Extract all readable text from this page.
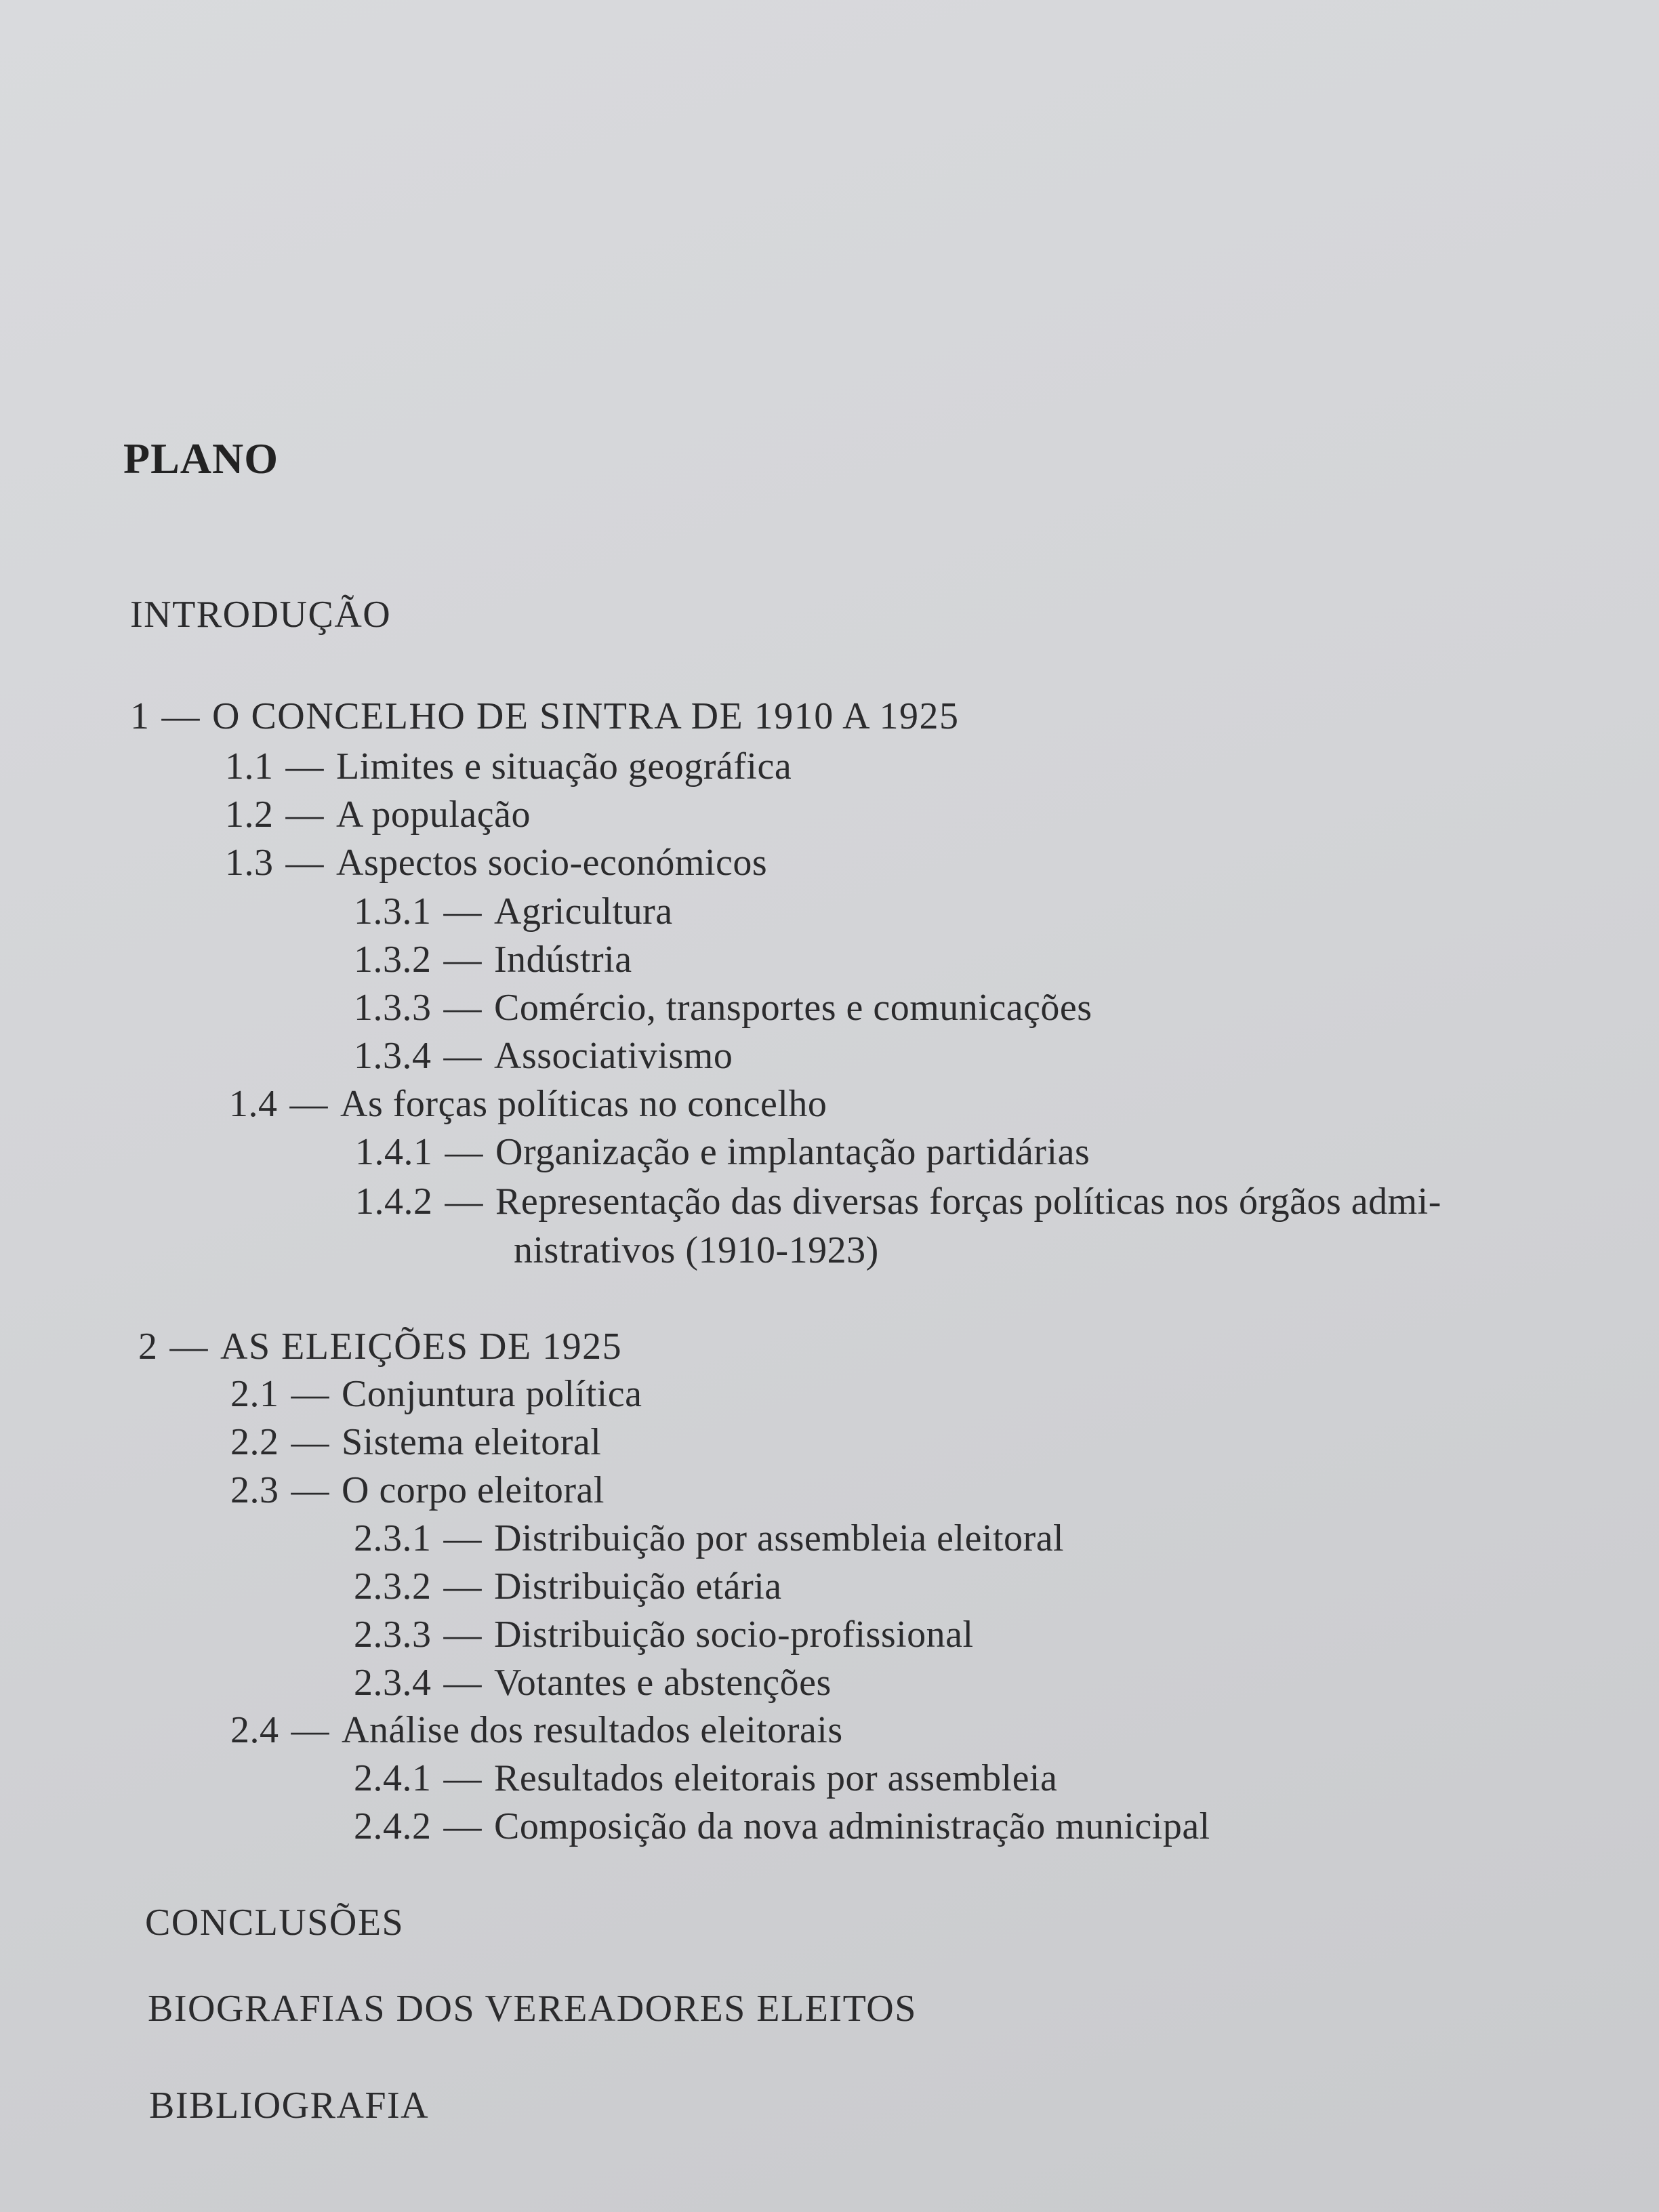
PLANO
INTRODUÇÃO
1 — O CONCELHO DE SINTRA DE 1910 A 1925
1.1 — Limites e situação geográfica
1.2 — A população
1.3 — Aspectos socio-económicos
1.3.1 — Agricultura
1.3.2 — Indústria
1.3.3 — Comércio, transportes e comunicações
1.3.4 — Associativismo
1.4 — As forças políticas no concelho
1.4.1 — Organização e implantação partidárias
1.4.2 — Representação das diversas forças políticas nos órgãos admi-
nistrativos (1910-1923)
2 — AS ELEIÇÕES DE 1925
2.1 — Conjuntura política
2.2 — Sistema eleitoral
2.3 — O corpo eleitoral
2.3.1 — Distribuição por assembleia eleitoral
2.3.2 — Distribuição etária
2.3.3 — Distribuição socio-profissional
2.3.4 — Votantes e abstenções
2.4 — Análise dos resultados eleitorais
2.4.1 — Resultados eleitorais por assembleia
2.4.2 — Composição da nova administração municipal
CONCLUSÕES
BIOGRAFIAS DOS VEREADORES ELEITOS
BIBLIOGRAFIA
